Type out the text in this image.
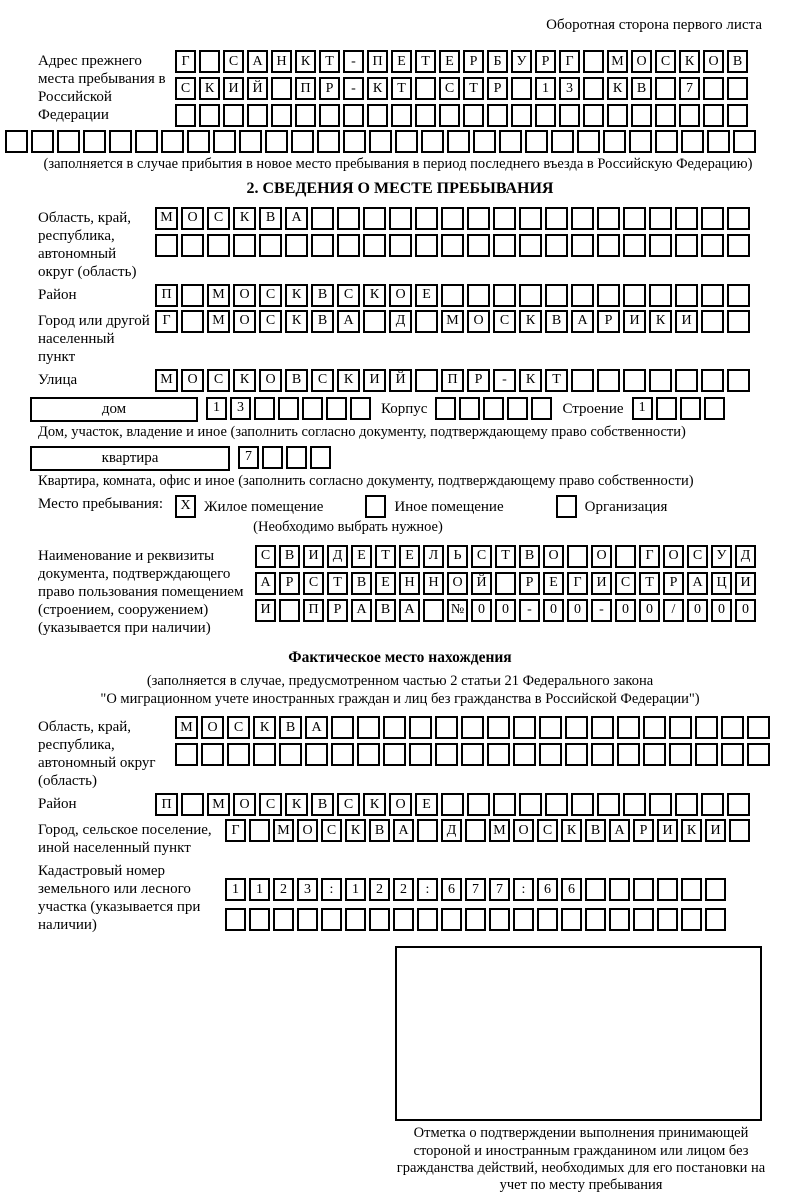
Оборотная сторона первого листа
Адрес прежнего места пребывания в Российской Федерации
Г	С	А Н	К	Т	-	П	Е	Т	Е	Р	Б	У	Р	Г	М О	С	К	О	В
С	К	И Й	П	Р	-	К	Т	С	Т	Р	1	3	К	В	7
(заполняется в случае прибытия в новое место пребывания в период последнего въезда в Российскую Федерацию)
2. СВЕДЕНИЯ О МЕСТЕ ПРЕБЫВАНИЯ
Область, край, республика, автономный округ (область)
М	О	С	К	В	А
Район	П	М	О	С	К	В	С	К	О	Е
Город или другой населенный пункт
Г	М	О	С	К	В	А	Д	М	О	С	К	В	А	Р	И	К	И
Улица	М	О	С	К	О	В	С	К	И	Й	П	Р	-	К	Т
дом	1	3	Корпус	Строение	1
Дом, участок, владение и иное (заполнить согласно документу, подтверждающему право собственности)
квартира	7
Квартира, комната, офис и иное (заполнить согласно документу, подтверждающему право собственности)
Место пребывания:	X Жилое помещение	Иное помещение	Организация
(Необходимо выбрать нужное)
Наименование и реквизиты документа, подтверждающего право пользования помещением (строением, сооружением) (указывается при наличии)
С	В	И	Д	Е	Т	Е	Л	Ь	С	Т	В	О	О	Г	О	С	У	Д
А	Р	С	Т	В	Е	Н Н О Й	Р	Е	Г	И	С	Т	Р	А Ц И
И	П	Р	А	В	А	№ 0	0	-	0	0	-	0	0	/	0	0	0
Фактическое место нахождения
(заполняется в случае, предусмотренном частью 2 статьи 21 Федерального закона
"О миграционном учете иностранных граждан и лиц без гражданства в Российской Федерации")
Область, край, республика, автономный округ (область)
М	О	С	К	В	А
Район	П	М	О	С	К	В	С	К	О	Е
Город, сельское поселение, иной населенный пункт
Г	М О	С	К	В	А	Д	М О	С	К	В	А	Р	И	К	И
Кадастровый номер земельного или лесного участка (указывается при наличии)
1	1	2	3	:	1	2	2	:	6	7	7	:	6	6
Отметка о подтверждении выполнения принимающей стороной и иностранным гражданином или лицом без гражданства действий, необходимых для его постановки на учет по месту пребывания
